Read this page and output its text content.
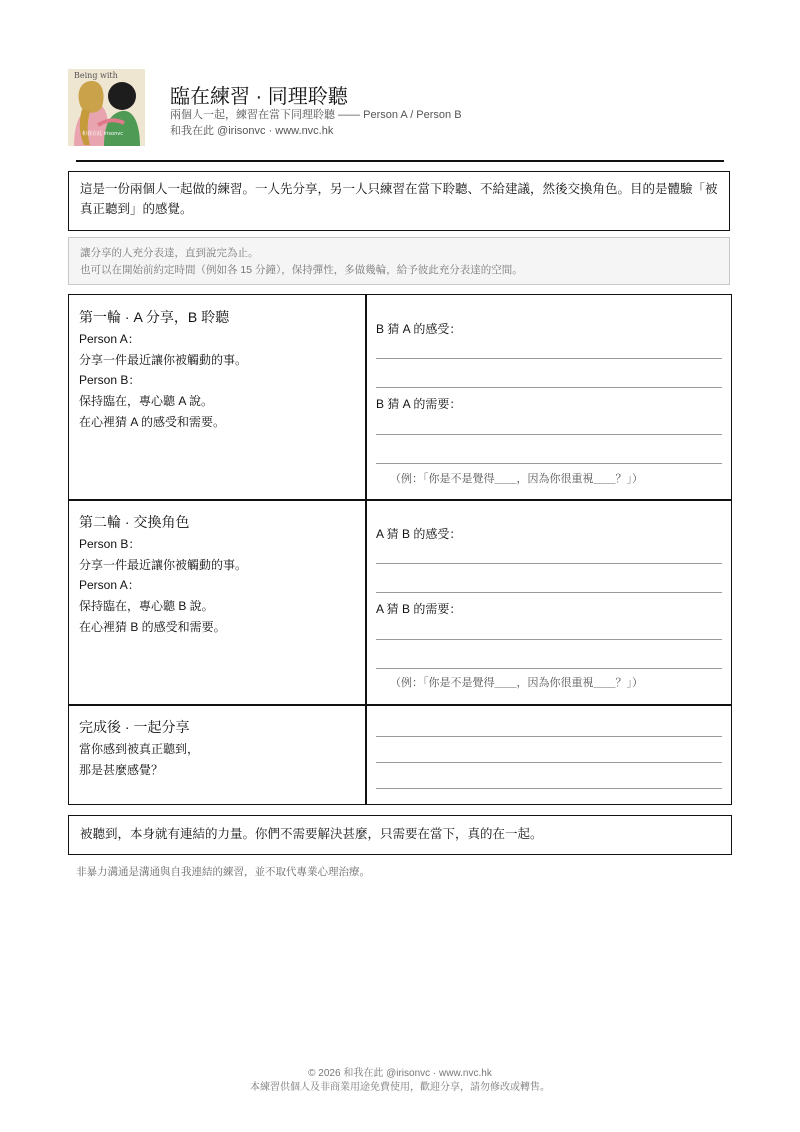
Being with
和我在此 irisonvc
臨在練習 · 同理聆聽
兩個人一起，練習在當下同理聆聽 —— Person A / Person B
和我在此 @irisonvc · www.nvc.hk
這是一份兩個人一起做的練習。一人先分享，另一人只練習在當下聆聽、不給建議，然後交換角色。目的是體驗「被真正聽到」的感覺。
讓分享的人充分表達，直到說完為止。
也可以在開始前約定時間（例如各 15 分鐘），保持彈性，多做幾輪，給予彼此充分表達的空間。
第一輪 · A 分享，B 聆聽
Person A：
分享一件最近讓你被觸動的事。
Person B：
保持臨在，專心聽 A 說。
在心裡猜 A 的感受和需要。
B 猜 A 的感受：
B 猜 A 的需要：
（例：「你是不是覺得＿＿，因為你很重視＿＿？」）
第二輪 · 交換角色
Person B：
分享一件最近讓你被觸動的事。
Person A：
保持臨在，專心聽 B 說。
在心裡猜 B 的感受和需要。
A 猜 B 的感受：
A 猜 B 的需要：
（例：「你是不是覺得＿＿，因為你很重視＿＿？」）
完成後 · 一起分享
當你感到被真正聽到，
那是甚麼感覺？
被聽到，本身就有連結的力量。你們不需要解決甚麼，只需要在當下，真的在一起。
非暴力溝通是溝通與自我連結的練習，並不取代專業心理治療。
© 2026 和我在此 @irisonvc · www.nvc.hk
本練習供個人及非商業用途免費使用，歡迎分享，請勿修改或轉售。
